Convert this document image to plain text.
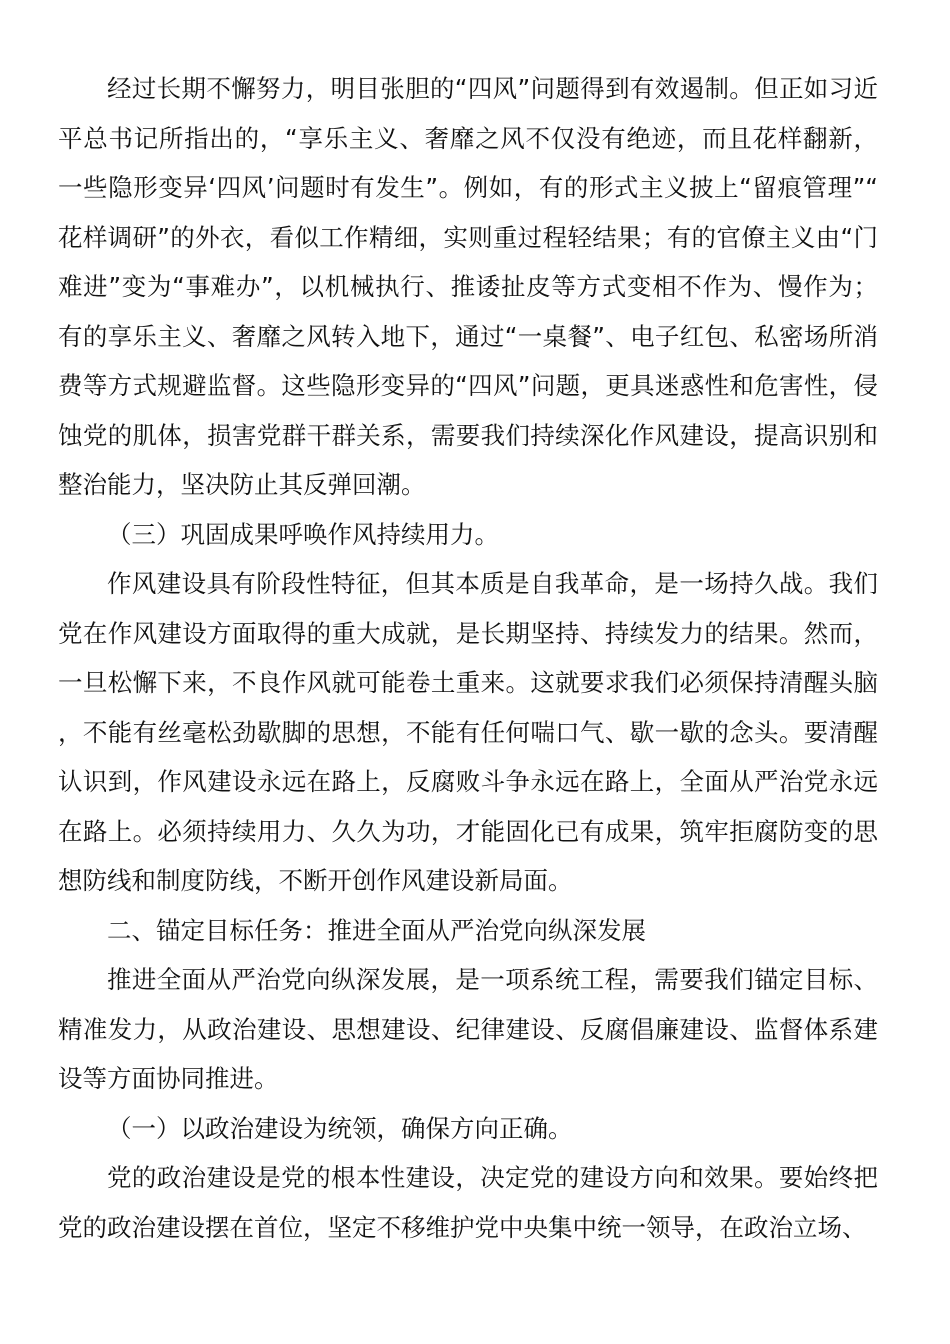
经过长期不懈努力，明目张胆的“四风”问题得到有效遏制。但正如习近平总书记所指出的，“享乐主义、奢靡之风不仅没有绝迹，而且花样翻新，一些隐形变异‘四风’问题时有发生”。例如，有的形式主义披上“留痕管理”“花样调研”的外衣，看似工作精细，实则重过程轻结果；有的官僚主义由“门难进”变为“事难办”，以机械执行、推诿扯皮等方式变相不作为、慢作为；有的享乐主义、奢靡之风转入地下，通过“一桌餐”、电子红包、私密场所消费等方式规避监督。这些隐形变异的“四风”问题，更具迷惑性和危害性，侵蚀党的肌体，损害党群干群关系，需要我们持续深化作风建设，提高识别和整治能力，坚决防止其反弹回潮。

（三）巩固成果呼唤作风持续用力。

作风建设具有阶段性特征，但其本质是自我革命，是一场持久战。我们党在作风建设方面取得的重大成就，是长期坚持、持续发力的结果。然而，一旦松懈下来，不良作风就可能卷土重来。这就要求我们必须保持清醒头脑，不能有丝毫松劲歇脚的思想，不能有任何喘口气、歇一歇的念头。要清醒认识到，作风建设永远在路上，反腐败斗争永远在路上，全面从严治党永远在路上。必须持续用力、久久为功，才能固化已有成果，筑牢拒腐防变的思想防线和制度防线，不断开创作风建设新局面。

二、锚定目标任务：推进全面从严治党向纵深发展

推进全面从严治党向纵深发展，是一项系统工程，需要我们锚定目标、精准发力，从政治建设、思想建设、纪律建设、反腐倡廉建设、监督体系建设等方面协同推进。

（一）以政治建设为统领，确保方向正确。

党的政治建设是党的根本性建设，决定党的建设方向和效果。要始终把党的政治建设摆在首位，坚定不移维护党中央集中统一领导，在政治立场、
